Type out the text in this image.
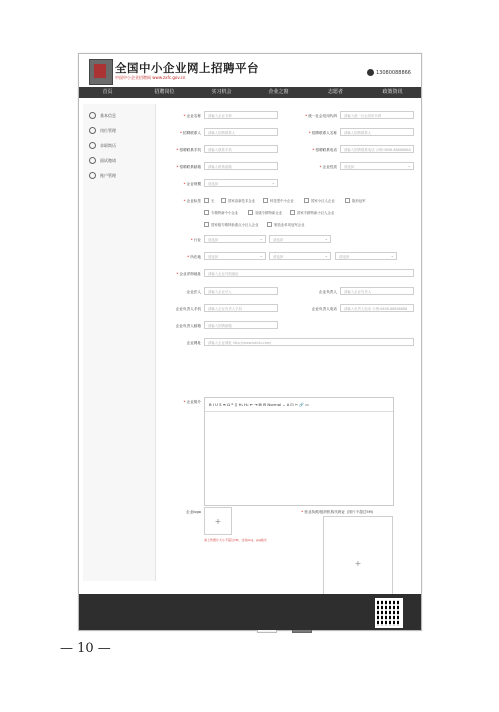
全国中小企业网上招聘平台
中国中小企业招聘网 www.zxfc.gov.cn
13080088866
首页	招聘岗位	实习机会	企业之窗	志愿者	政策资讯
基本信息
岗位管理
求职简历
面试邀请
账户管理
* 企业名称	请输入企业名称	* 统一社会信用代码	请输入统一社会信用代码
* 招聘联系人	请输入招聘联系人	* 招聘联系人名称	请输入招聘联系人
* 招聘联系手机	请输入联系手机	* 招聘联系电话	请输入招聘联系电话 示例:0898-88888888
* 招聘联系邮箱	请输入联系邮箱	* 企业性质	请选择 ⌄
* 企业规模	请选择 ⌄
* 企业标签	无	国家高新技术企业	科技型中小企业	国家小巨人企业	隐形冠军
专精特新中小企业	省级专精特新企业	国家专精特新小巨人企业
国家级专精特新重点小巨人企业	制造业单项冠军企业
* 行业	请选择 ⌄	请选择 ⌄
* 所在地	请选择 ⌄	请选择 ⌄	请选择 ⌄
* 企业详细地址	请输入企业详细地址
企业法人	请输入企业法人	企业负责人	请输入企业负责人
企业负责人手机	请输入企业负责人手机	企业负责人电话	请输入负责人电话 示例:0898-88888888
企业负责人邮箱	请输入招聘邮箱
企业网址	请输入企业网址 http://www.baidu.com/
* 企业简介	B I U S ≡ Ω ❝ ⟨⟩ H₁ H₂ ⇤ ⇥ ⊞ ⊟ Normal ⌄ A ⊡ ✂ 🔗 ▭
企业logo
+
请上传图片大小不超过1M，支持png、jpg格式
* 营业执照/组织机构代码证 (图片不超过5M)
+
— 10 —
